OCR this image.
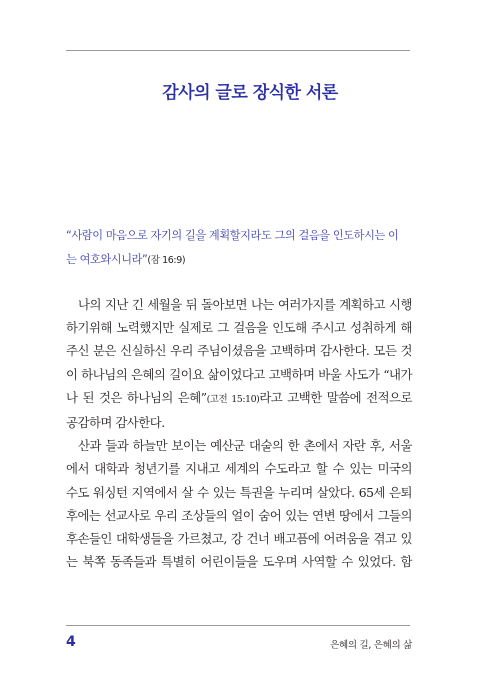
감사의 글로 장식한 서론
“사람이 마음으로 자기의 길을 계획할지라도 그의 걸음을 인도하시는 이
는 여호와시니라”(잠 16:9)
나의 지난 긴 세월을 뒤 돌아보면 나는 여러가지를 계획하고 시행
하기위해 노력했지만 실제로 그 걸음을 인도해 주시고 성취하게 해
주신 분은 신실하신 우리 주님이셨음을 고백하며 감사한다. 모든 것
이 하나님의 은혜의 길이요 삶이었다고 고백하며 바울 사도가 “내가
나 된 것은 하나님의 은혜”(고전 15:10)라고 고백한 말씀에 전적으로
공감하며 감사한다.
산과 들과 하늘만 보이는 예산군 대술의 한 촌에서 자란 후, 서울
에서 대학과 청년기를 지내고 세계의 수도라고 할 수 있는 미국의
수도 워싱턴 지역에서 살 수 있는 특권을 누리며 살았다. 65세 은퇴
후에는 선교사로 우리 조상들의 얼이 숨어 있는 연변 땅에서 그들의
후손들인 대학생들을 가르쳤고, 강 건너 배고픔에 어려움을 겪고 있
는 북쪽 동족들과 특별히 어린이들을 도우며 사역할 수 있었다. 함
4	은혜의 길, 은혜의 삶
